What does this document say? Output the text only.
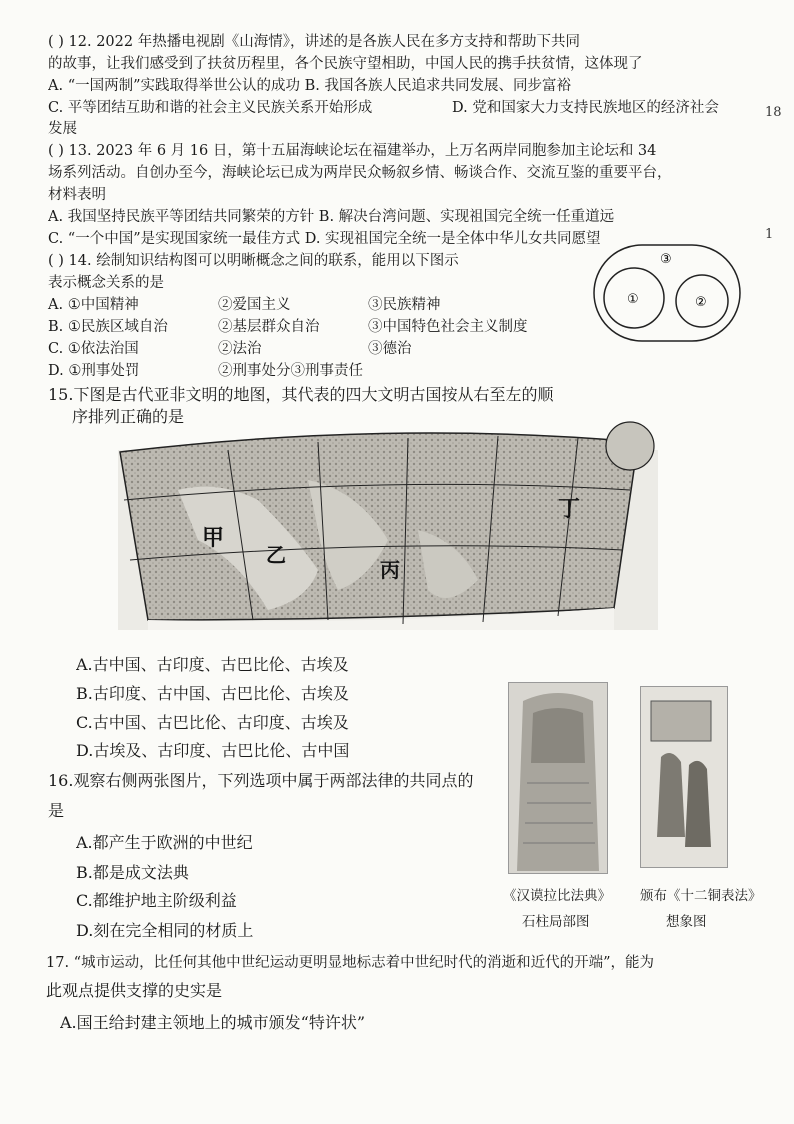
( ) 12. 2022 年热播电视剧《山海情》，讲述的是各族人民在多方支持和帮助下共同
的故事，让我们感受到了扶贫历程里，各个民族守望相助，中国人民的携手扶贫情，这体现了
A. “一国两制”实践取得举世公认的成功 B. 我国各族人民追求共同发展、同步富裕
C. 平等团结互助和谐的社会主义民族关系开始形成	D. 党和国家大力支持民族地区的经济社会
发展
18
( ) 13. 2023 年 6 月 16 日，第十五届海峡论坛在福建举办，上万名两岸同胞参加主论坛和 34
场系列活动。自创办至今，海峡论坛已成为两岸民众畅叙乡情、畅谈合作、交流互鉴的重要平台，
材料表明
A. 我国坚持民族平等团结共同繁荣的方针 B. 解决台湾问题、实现祖国完全统一任重道远
C. “一个中国”是实现国家统一最佳方式 D. 实现祖国完全统一是全体中华儿女共同愿望	1
( ) 14. 绘制知识结构图可以明晰概念之间的联系，能用以下图示
表示概念关系的是
A. ①中国精神	②爱国主义	③民族精神
B. ①民族区域自治	②基层群众自治	③中国特色社会主义制度
C. ①依法治国	②法治	③德治
D. ①刑事处罚	②刑事处分③刑事责任
③
①	②
15.下图是古代亚非文明的地图，其代表的四大文明古国按从右至左的顺
序排列正确的是
甲
乙
丙
丁
A.古中国、古印度、古巴比伦、古埃及
B.古印度、古中国、古巴比伦、古埃及
C.古中国、古巴比伦、古印度、古埃及
D.古埃及、古印度、古巴比伦、古中国
16.观察右侧两张图片，下列选项中属于两部法律的共同点的
是
A.都产生于欧洲的中世纪
B.都是成文法典
C.都维护地主阶级利益
D.刻在完全相同的材质上
《汉谟拉比法典》
石柱局部图
颁布《十二铜表法》
想象图
17. “城市运动，比任何其他中世纪运动更明显地标志着中世纪时代的消逝和近代的开端”，能为
此观点提供支撑的史实是
A.国王给封建主领地上的城市颁发“特许状”
